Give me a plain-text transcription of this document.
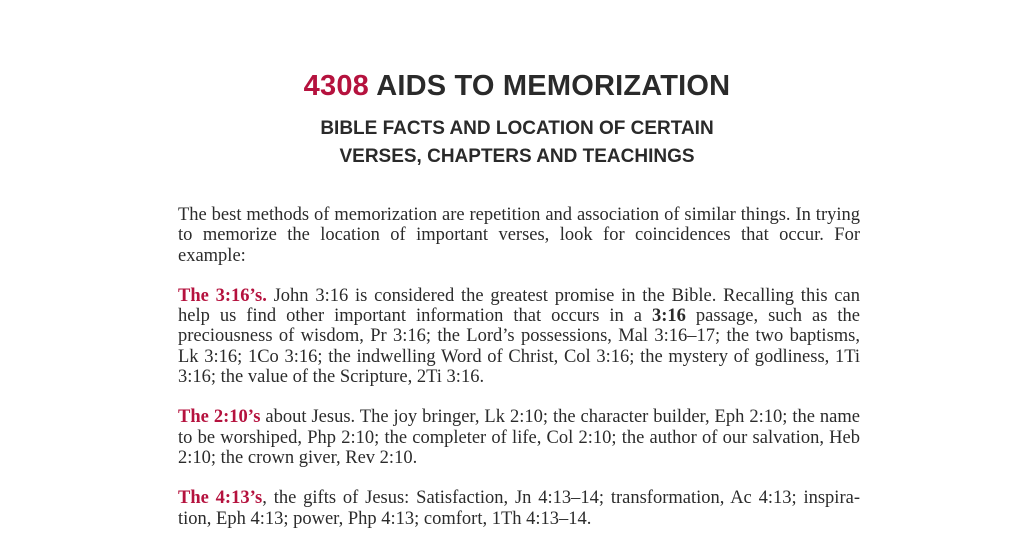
4308 AIDS TO MEMORIZATION
BIBLE FACTS AND LOCATION OF CERTAIN
VERSES, CHAPTERS AND TEACHINGS

The best methods of memorization are repetition and association of similar things. In trying to memorize the location of important verses, look for coincidences that occur. For example:

The 3:16’s. John 3:16 is considered the greatest promise in the Bible. Recalling this can help us find other important information that occurs in a 3:16 passage, such as the preciousness of wisdom, Pr 3:16; the Lord’s possessions, Mal 3:16–17; the two baptisms, Lk 3:16; 1Co 3:16; the indwelling Word of Christ, Col 3:16; the mystery of godliness, 1Ti 3:16; the value of the Scripture, 2Ti 3:16.

The 2:10’s about Jesus. The joy bringer, Lk 2:10; the character builder, Eph 2:10; the name to be worshiped, Php 2:10; the completer of life, Col 2:10; the author of our salvation, Heb 2:10; the crown giver, Rev 2:10.

The 4:13’s, the gifts of Jesus: Satisfaction, Jn 4:13–14; transformation, Ac 4:13; inspiration, Eph 4:13; power, Php 4:13; comfort, 1Th 4:13–14.
